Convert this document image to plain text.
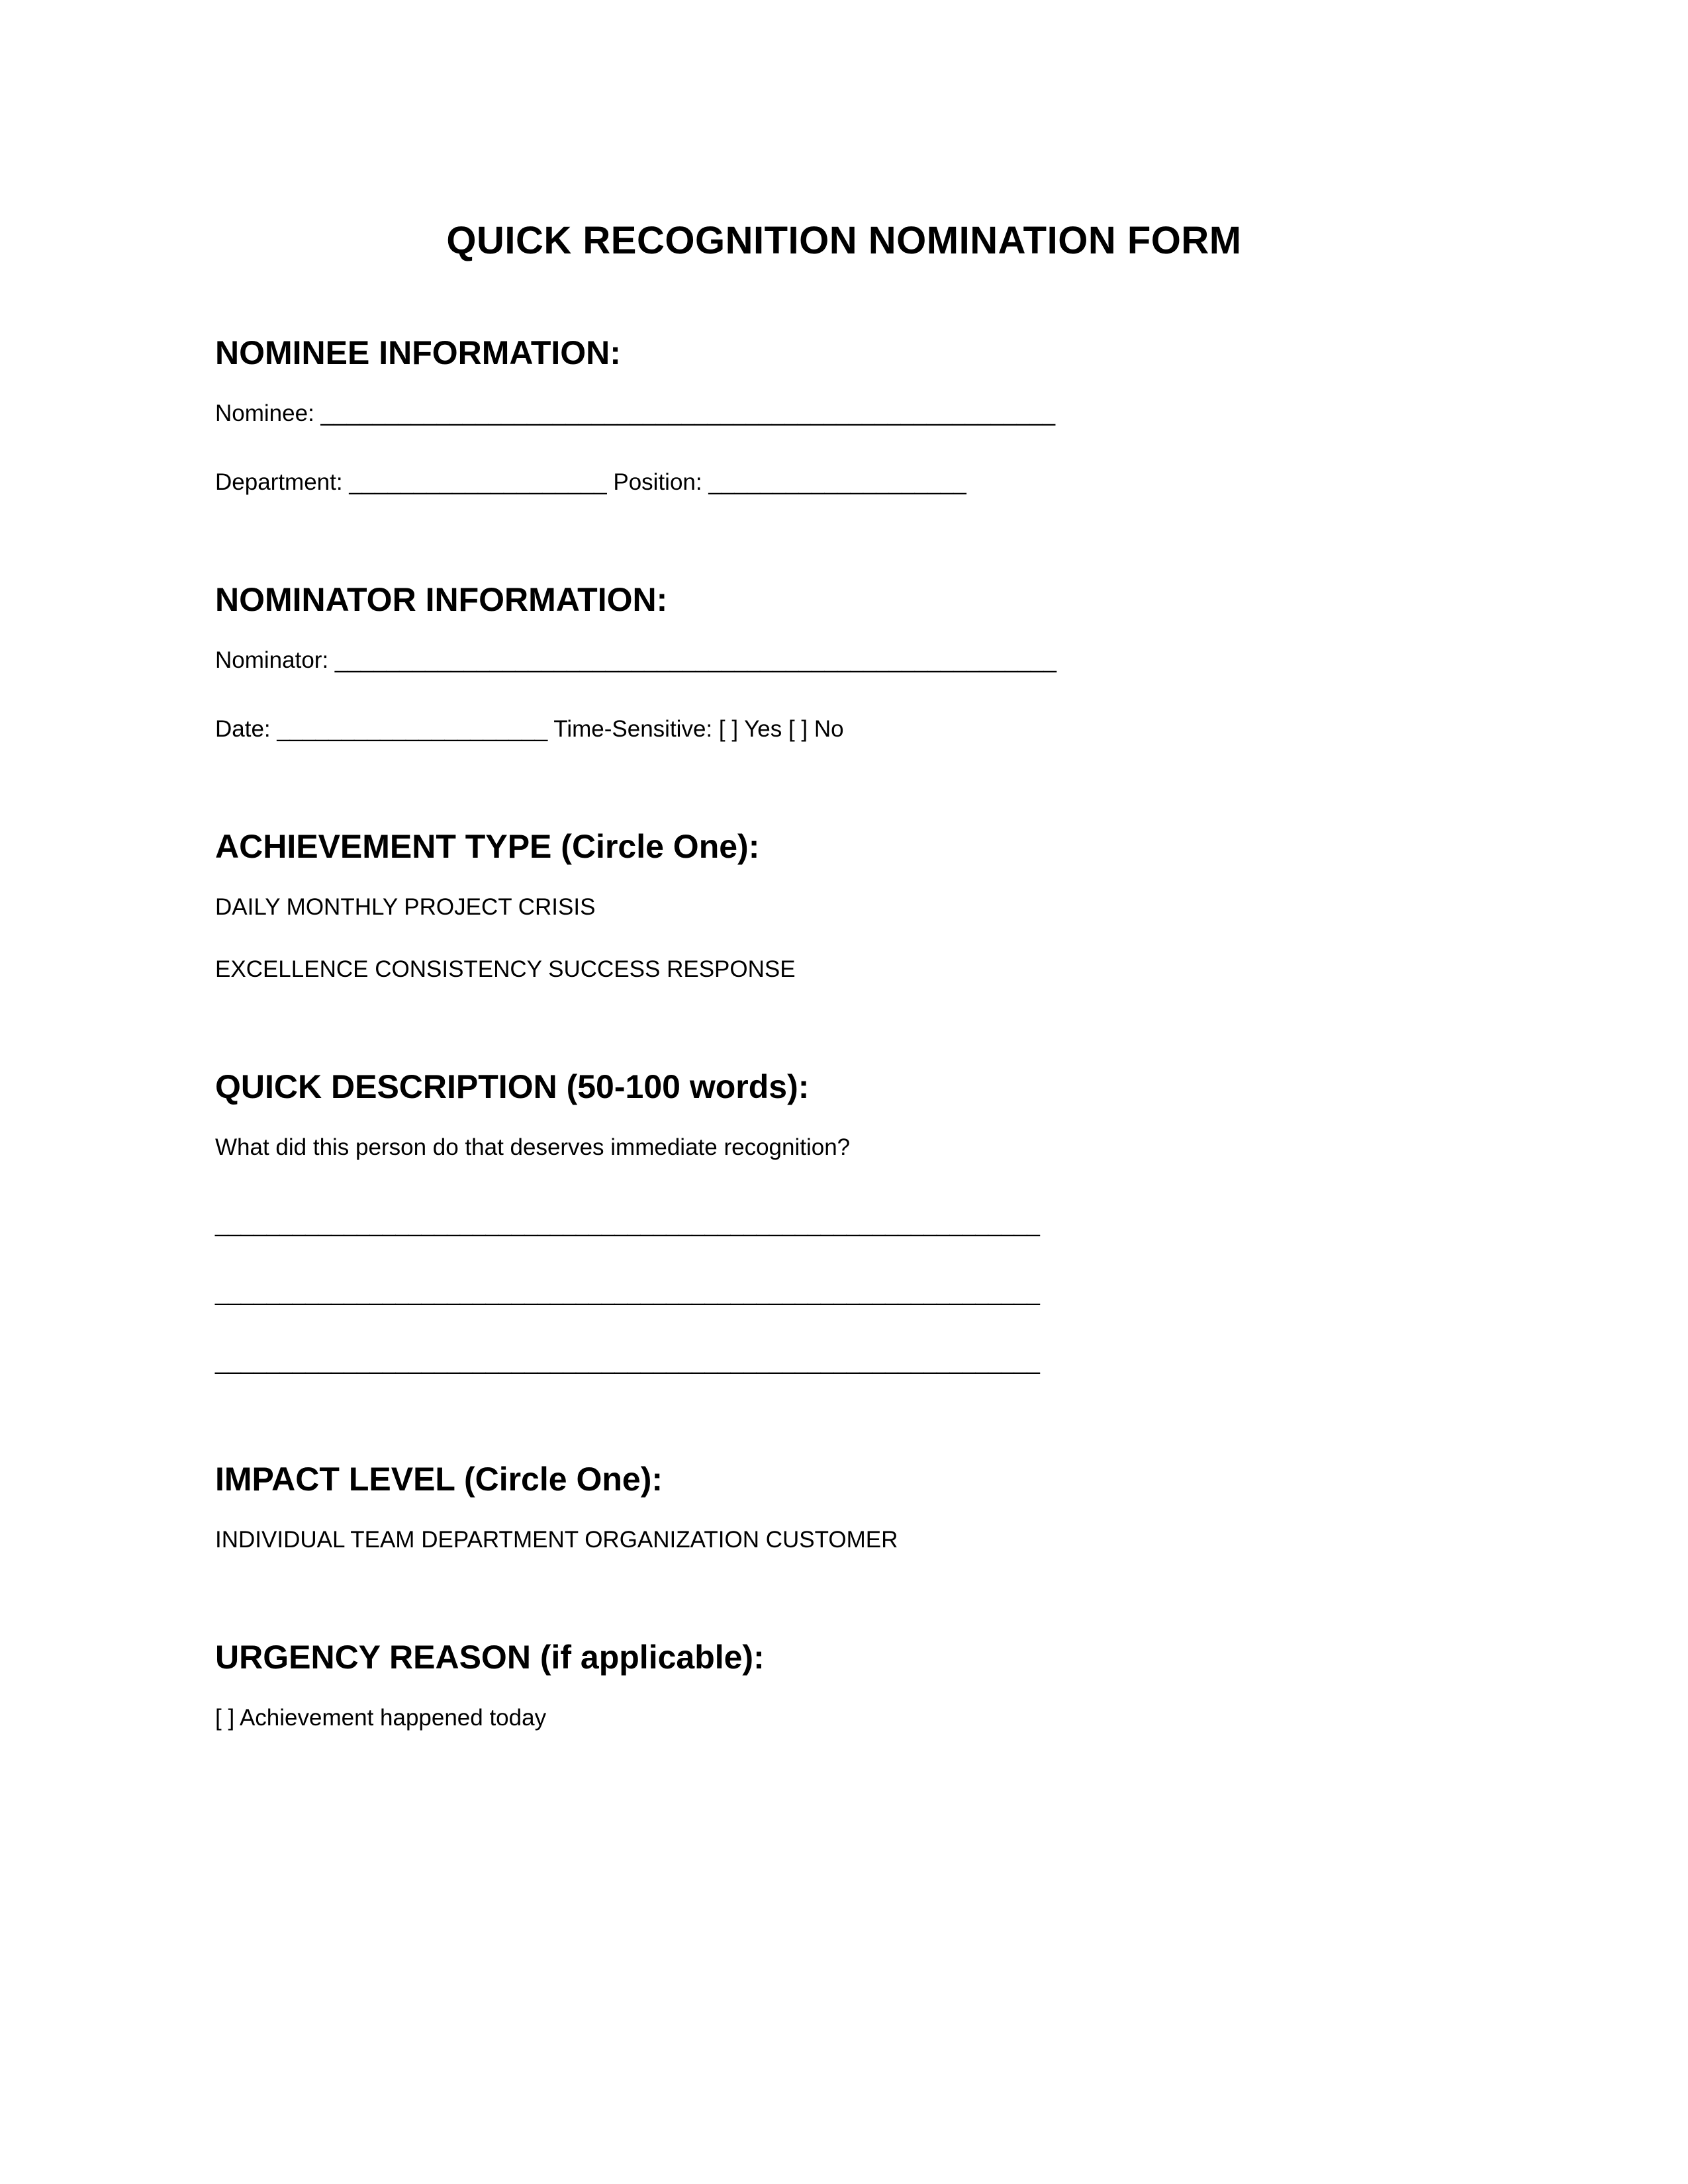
QUICK RECOGNITION NOMINATION FORM
NOMINEE INFORMATION:

Nominee: _________________________________________________________

Department: ____________________ Position: ____________________

NOMINATOR INFORMATION:

Nominator: ________________________________________________________

Date: _____________________ Time-Sensitive: [ ] Yes [ ] No

ACHIEVEMENT TYPE (Circle One):

DAILY MONTHLY PROJECT CRISIS

EXCELLENCE CONSISTENCY SUCCESS RESPONSE

QUICK DESCRIPTION (50-100 words):

What did this person do that deserves immediate recognition?

________________________________________________________________

________________________________________________________________

________________________________________________________________

IMPACT LEVEL (Circle One):

INDIVIDUAL TEAM DEPARTMENT ORGANIZATION CUSTOMER

URGENCY REASON (if applicable):

[ ] Achievement happened today
